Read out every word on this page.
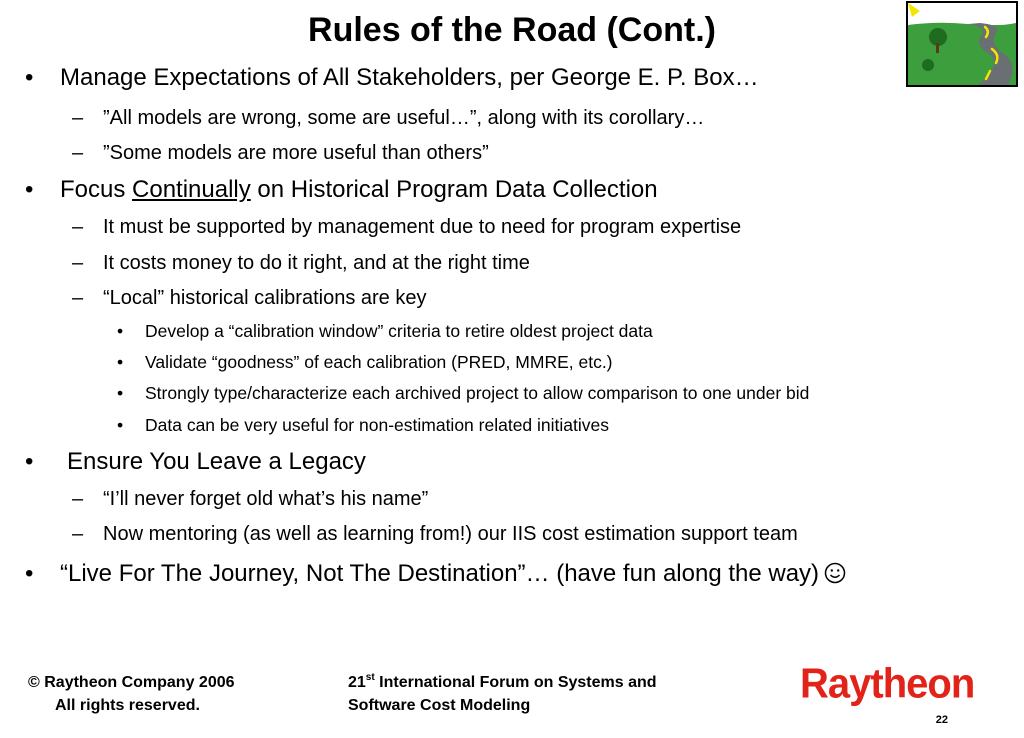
Rules of the Road (Cont.)
• Manage Expectations of All Stakeholders, per George E. P. Box…
– ”All models are wrong, some are useful…”, along with its corollary…
– ”Some models are more useful than others”
• Focus Continually on Historical Program Data Collection
– It must be supported by management due to need for program expertise
– It costs money to do it right, and at the right time
– “Local” historical calibrations are key
• Develop a “calibration window” criteria to retire oldest project data
• Validate “goodness” of each calibration (PRED, MMRE, etc.)
• Strongly type/characterize each archived project to allow comparison to one under bid
• Data can be very useful for non-estimation related initiatives
• Ensure You Leave a Legacy
– “I’ll never forget old what’s his name”
– Now mentoring (as well as learning from!) our IIS cost estimation support team
• “Live For The Journey, Not The Destination”… (have fun along the way)
© Raytheon Company 2006
All rights reserved.
21st International Forum on Systems and
Software Cost Modeling	Raytheon
22
